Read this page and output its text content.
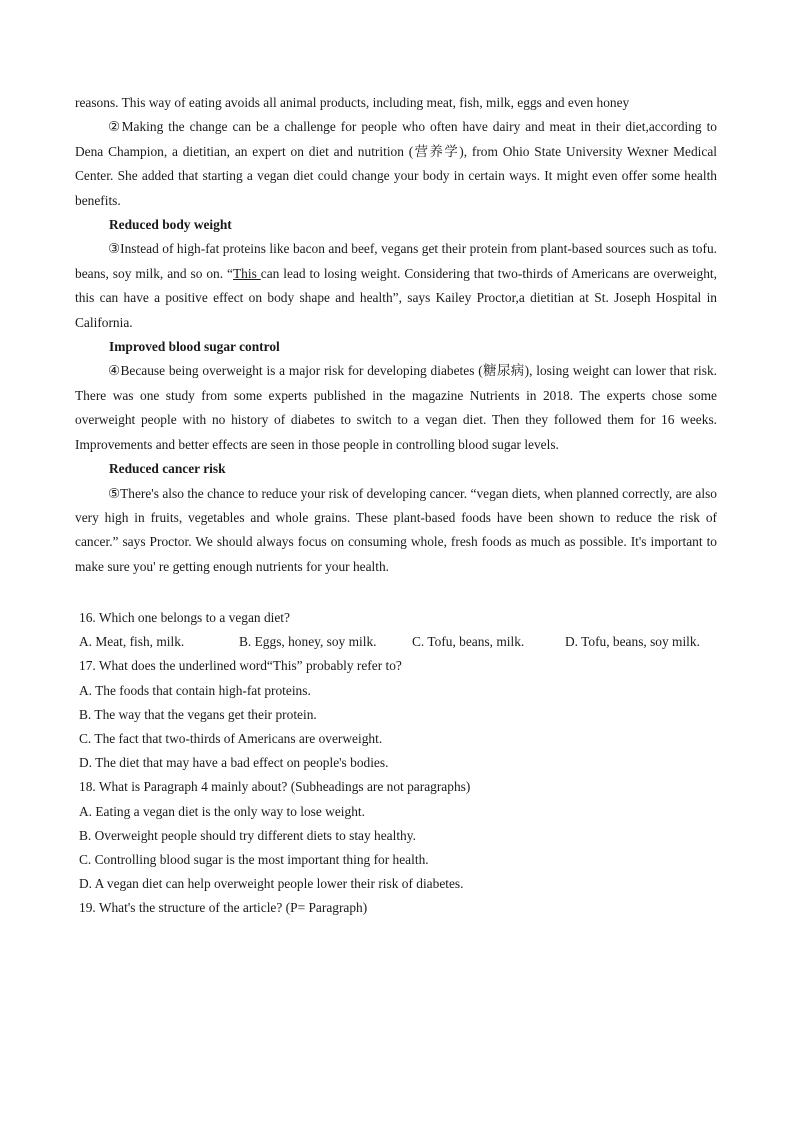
reasons. This way of eating avoids all animal products, including meat, fish, milk, eggs and even honey

②Making the change can be a challenge for people who often have dairy and meat in their diet,according to Dena Champion, a dietitian, an expert on diet and nutrition (营养学), from Ohio State University Wexner Medical Center. She added that starting a vegan diet could change your body in certain ways. It might even offer some health benefits.

Reduced body weight

③Instead of high-fat proteins like bacon and beef, vegans get their protein from plant-based sources such as tofu. beans, soy milk, and so on. “This can lead to losing weight. Considering that two-thirds of Americans are overweight, this can have a positive effect on body shape and health”, says Kailey Proctor,a dietitian at St. Joseph Hospital in California.

Improved blood sugar control

④Because being overweight is a major risk for developing diabetes (糖尿病), losing weight can lower that risk. There was one study from some experts published in the magazine Nutrients in 2018. The experts chose some overweight people with no history of diabetes to switch to a vegan diet. Then they followed them for 16 weeks. Improvements and better effects are seen in those people in controlling blood sugar levels.

Reduced cancer risk

⑤There's also the chance to reduce your risk of developing cancer. “vegan diets, when planned correctly, are also very high in fruits, vegetables and whole grains. These plant-based foods have been shown to reduce the risk of cancer.” says Proctor. We should always focus on consuming whole, fresh foods as much as possible. It's important to make sure you' re getting enough nutrients for your health.

16. Which one belongs to a vegan diet?

A. Meat, fish, milk.	B. Eggs, honey, soy milk.	C. Tofu, beans, milk.	D. Tofu, beans, soy milk.

17. What does the underlined word“This” probably refer to?

A. The foods that contain high-fat proteins.

B. The way that the vegans get their protein.

C. The fact that two-thirds of Americans are overweight.

D. The diet that may have a bad effect on people's bodies.

18. What is Paragraph 4 mainly about? (Subheadings are not paragraphs)

A. Eating a vegan diet is the only way to lose weight.

B. Overweight people should try different diets to stay healthy.

C. Controlling blood sugar is the most important thing for health.

D. A vegan diet can help overweight people lower their risk of diabetes.

19. What's the structure of the article? (P= Paragraph)
